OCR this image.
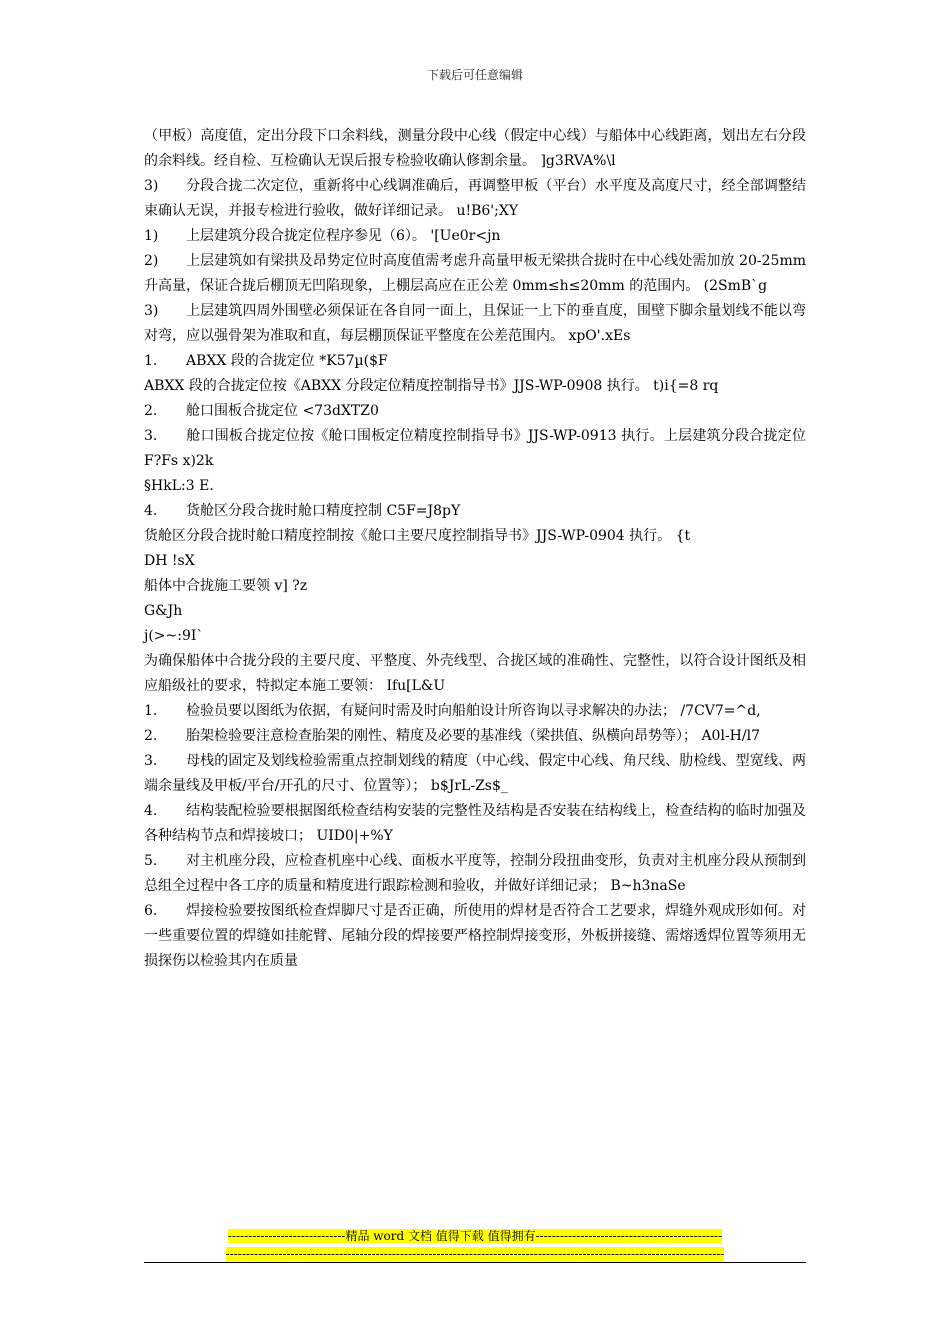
下载后可任意编辑

（甲板）高度值，定出分段下口余料线，测量分段中心线（假定中心线）与船体中心线距离，划出左右分段的余料线。经自检、互检确认无误后报专检验收确认修割余量。 ]g3RVA%\l

3) 分段合拢二次定位，重新将中心线调准确后，再调整甲板（平台）水平度及高度尺寸，经全部调整结束确认无误，并报专检进行验收，做好详细记录。 u!B6';XY

1) 上层建筑分段合拢定位程序参见（6）。 '[Ue0r<jn

2) 上层建筑如有梁拱及昂势定位时高度值需考虑升高量甲板无梁拱合拢时在中心线处需加放 20-25mm 升高量，保证合拢后棚顶无凹陷现象，上棚层高应在正公差 0mm≤h≤20mm 的范围内。 (2SmB`g

3) 上层建筑四周外围壁必须保证在各自同一面上，且保证一上下的垂直度，围壁下脚余量划线不能以弯对弯，应以强骨架为准取和直，每层棚顶保证平整度在公差范围内。 xpO'.xEs

1. ABXX 段的合拢定位 *K57µ($F

ABXX 段的合拢定位按《ABXX 分段定位精度控制指导书》JJS-WP-0908 执行。 t)i{=8 rq

2. 舱口围板合拢定位 <73dXTZ0

3. 舱口围板合拢定位按《舱口围板定位精度控制指导书》JJS-WP-0913 执行。上层建筑分段合拢定位　　F?Fs x)2k

§HkL:3 E.

4. 货舱区分段合拢时舱口精度控制 C5F=J8pY

货舱区分段合拢时舱口精度控制按《舱口主要尺度控制指导书》JJS-WP-0904 执行。 {t

DH !sX

船体中合拢施工要领 v] ?z

G&Jh

j(>~:9I`

为确保船体中合拢分段的主要尺度、平整度、外壳线型、合拢区域的准确性、完整性，以符合设计图纸及相应船级社的要求，特拟定本施工要领： Ifu[L&U

1. 检验员要以图纸为依据，有疑问时需及时向船舶设计所咨询以寻求解决的办法； /7CV7=^d,

2. 胎架检验要注意检查胎架的刚性、精度及必要的基准线（梁拱值、纵横向昂势等）； A0l-H/l7

3. 母栈的固定及划线检验需重点控制划线的精度（中心线、假定中心线、角尺线、肋检线、型宽线、两端余量线及甲板/平台/开孔的尺寸、位置等）； b$JrL-Zs$_

4. 结构装配检验要根据图纸检查结构安装的完整性及结构是否安装在结构线上，检查结构的临时加强及各种结构节点和焊接坡口； UID0|+%Y

5. 对主机座分段，应检查机座中心线、面板水平度等，控制分段扭曲变形，负责对主机座分段从预制到总组全过程中各工序的质量和精度进行跟踪检测和验收，并做好详细记录； B~h3naSe

6. 焊接检验要按图纸检查焊脚尺寸是否正确，所使用的焊材是否符合工艺要求，焊缝外观成形如何。对一些重要位置的焊缝如挂舵臂、尾轴分段的焊接要严格控制焊接变形，外板拼接缝、需熔透焊位置等须用无损探伤以检验其内在质量

-----------------------------精品 word 文档 值得下载 值得拥有----------------------------------------------
---------------------------------------------------------------------------------------------------------------------------
